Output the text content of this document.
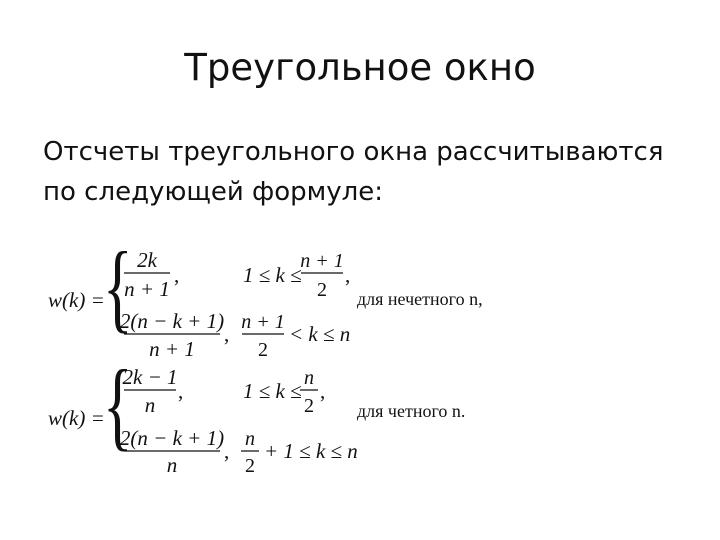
Треугольное окно
Отсчеты треугольного окна рассчитываются
по следующей формуле:
w(k) =
{ 2k
n + 1
,	1 ≤ k ≤
n + 1
2
,
2(n − k + 1)
n + 1
, n + 1
2
< k ≤ n
для нечетного n,
w(k) =
{
2k − 1
n
,	1 ≤ k ≤
n
2
,
2(n − k + 1)
n
, n
2
+ 1 ≤ k ≤ n
для четного n.
